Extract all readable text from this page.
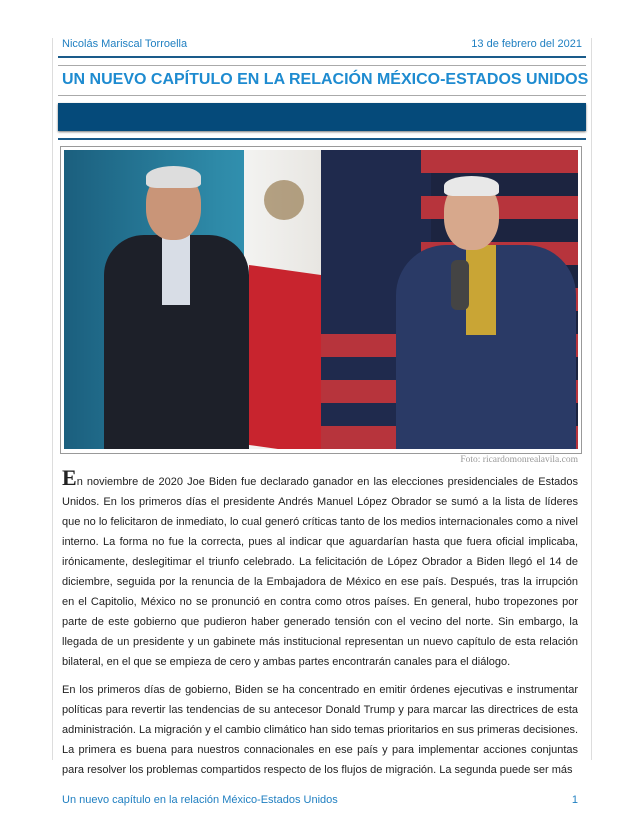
Nicolás Mariscal Torroella	13 de febrero del 2021
UN NUEVO CAPÍTULO EN LA RELACIÓN MÉXICO-ESTADOS UNIDOS
Foto: ricardomonrealavila.com

En noviembre de 2020 Joe Biden fue declarado ganador en las elecciones presidenciales de Estados Unidos. En los primeros días el presidente Andrés Manuel López Obrador se sumó a la lista de líderes que no lo felicitaron de inmediato, lo cual generó críticas tanto de los medios internacionales como a nivel interno. La forma no fue la correcta, pues al indicar que aguardarían hasta que fuera oficial implicaba, irónicamente, deslegitimar el triunfo celebrado. La felicitación de López Obrador a Biden llegó el 14 de diciembre, seguida por la renuncia de la Embajadora de México en ese país. Después, tras la irrupción en el Capitolio, México no se pronunció en contra como otros países. En general, hubo tropezones por parte de este gobierno que pudieron haber generado tensión con el vecino del norte. Sin embargo, la llegada de un presidente y un gabinete más institucional representan un nuevo capítulo de esta relación bilateral, en el que se empieza de cero y ambas partes encontrarán canales para el diálogo.

En los primeros días de gobierno, Biden se ha concentrado en emitir órdenes ejecutivas e instrumentar políticas para revertir las tendencias de su antecesor Donald Trump y para marcar las directrices de esta administración. La migración y el cambio climático han sido temas prioritarios en sus primeras decisiones. La primera es buena para nuestros connacionales en ese país y para implementar acciones conjuntas para resolver los problemas compartidos respecto de los flujos de migración. La segunda puede ser más

Un nuevo capítulo en la relación México-Estados Unidos	1
